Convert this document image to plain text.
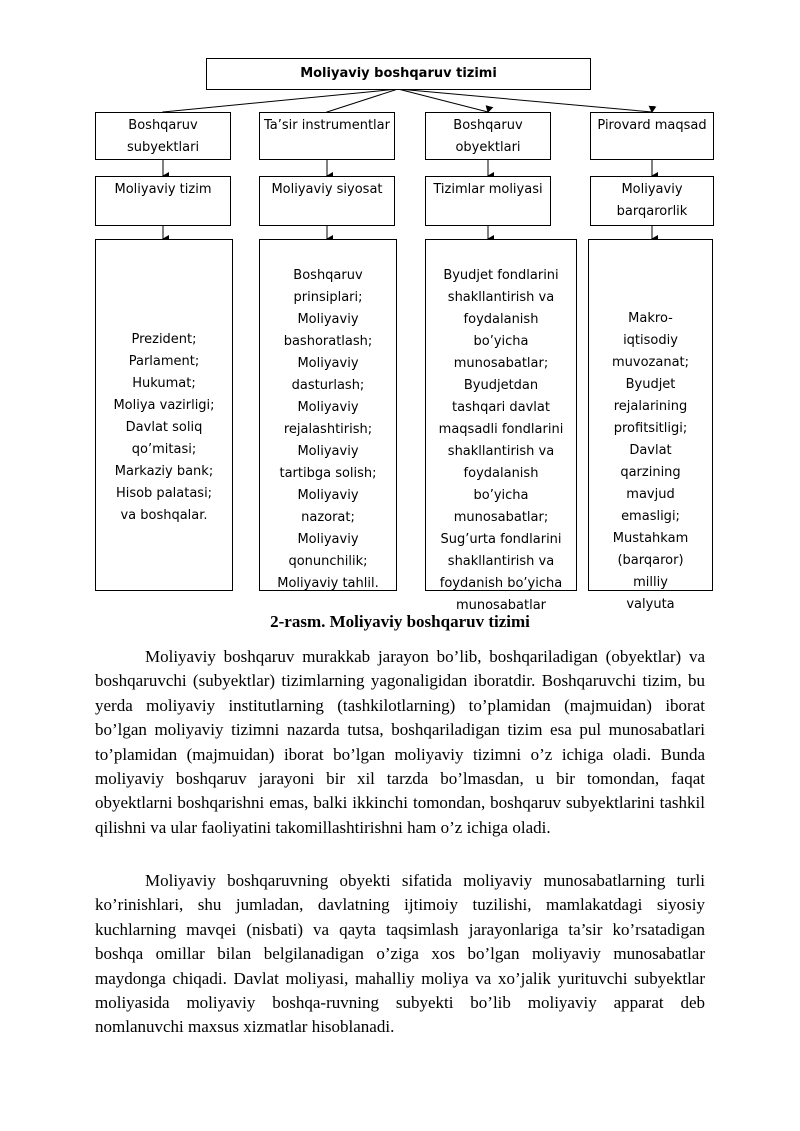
Moliyaviy boshqaruv tizimi
Boshqaruv subyektlari
Ta’sir instrumentlar	Boshqaruv obyektlari
Pirovard maqsad
Moliyaviy tizim	Moliyaviy siyosat	Tizimlar moliyasi	Moliyaviy barqarorlik

Prezident;
Parlament;
Hukumat;
Moliya vazirligi;
Davlat soliq
qo’mitasi;
Markaziy bank;
Hisob palatasi;
va boshqalar.

Boshqaruv
prinsiplari;
Moliyaviy
bashoratlash;
Moliyaviy
dasturlash;
Moliyaviy
rejalashtirish;
Moliyaviy
tartibga solish;
Moliyaviy
nazorat;
Moliyaviy
qonunchilik;
Moliyaviy tahlil.

Byudjet fondlarini
shakllantirish va
foydalanish
bo’yicha
munosabatlar;
Byudjetdan
tashqari davlat
maqsadli fondlarini
shakllantirish va
foydalanish
bo’yicha
munosabatlar;
Sug’urta fondlarini
shakllantirish va
foydanish bo’yicha
munosabatlar

Makro-
iqtisodiy
muvozanat;
Byudjet
rejalarining
profitsitligi;
Davlat
qarzining
mavjud
emasligi;
Mustahkam
(barqaror)
milliy
valyuta

2-rasm. Moliyaviy boshqaruv tizimi

Moliyaviy boshqaruv murakkab jarayon bo’lib, boshqariladigan (obyektlar) va boshqaruvchi (subyektlar) tizimlarning yagonaligidan iboratdir. Boshqaruvchi tizim, bu yerda moliyaviy institutlarning (tashkilotlarning) to’plamidan (majmuidan) iborat bo’lgan moliyaviy tizimni nazarda tutsa, boshqariladigan tizim esa pul munosabatlari to’plamidan (majmuidan) iborat bo’lgan moliyaviy tizimni o’z ichiga oladi. Bunda moliyaviy boshqaruv jarayoni bir xil tarzda bo’lmasdan, u bir tomondan, faqat obyektlarni boshqarishni emas, balki ikkinchi tomondan, boshqaruv subyektlarini tashkil qilishni va ular faoliyatini takomillashtirishni ham o’z ichiga oladi.

Moliyaviy boshqaruvning obyekti sifatida moliyaviy munosabatlarning turli ko’rinishlari, shu jumladan, davlatning ijtimoiy tuzilishi, mamlakatdagi siyosiy kuchlarning mavqei (nisbati) va qayta taqsimlash jarayonlariga ta’sir ko’rsatadigan boshqa omillar bilan belgilanadigan o’ziga xos bo’lgan moliyaviy munosabatlar maydonga chiqadi. Davlat moliyasi, mahalliy moliya va xo’jalik yurituvchi subyektlar moliyasida moliyaviy boshqa-ruvning subyekti bo’lib moliyaviy apparat deb nomlanuvchi maxsus xizmatlar hisoblanadi.
